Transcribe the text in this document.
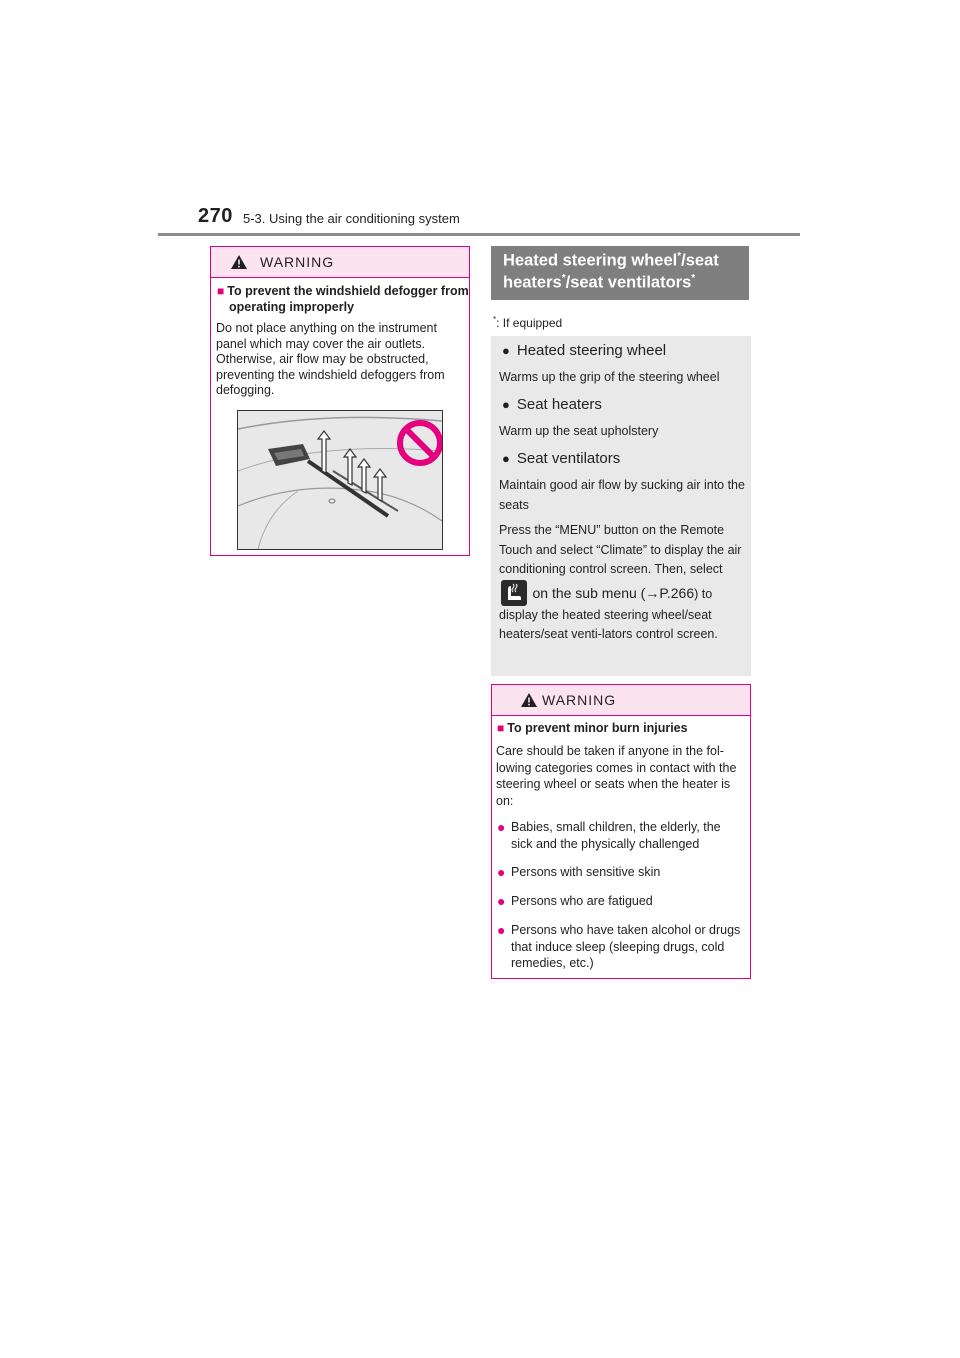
270 5-3. Using the air conditioning system
WARNING
■ To prevent the windshield defogger from operating improperly
Do not place anything on the instrument panel which may cover the air outlets. Otherwise, air flow may be obstructed, preventing the windshield defoggers from defogging.
Heated steering wheel*/seat
heaters*/seat ventilators*
*: If equipped
● Heated steering wheel
Warms up the grip of the steering wheel
● Seat heaters
Warm up the seat upholstery
● Seat ventilators
Maintain good air flow by sucking air into the seats
Press the “MENU” button on the Remote Touch and select “Climate” to display the air conditioning control screen. Then, select  on the sub menu (→P.266) to display the heated steering wheel/seat heaters/seat venti-lators control screen.
WARNING
■ To prevent minor burn injuries
Care should be taken if anyone in the fol-lowing categories comes in contact with the steering wheel or seats when the heater is on:
● Babies, small children, the elderly, the sick and the physically challenged
● Persons with sensitive skin
● Persons who are fatigued
● Persons who have taken alcohol or drugs that induce sleep (sleeping drugs, cold remedies, etc.)
